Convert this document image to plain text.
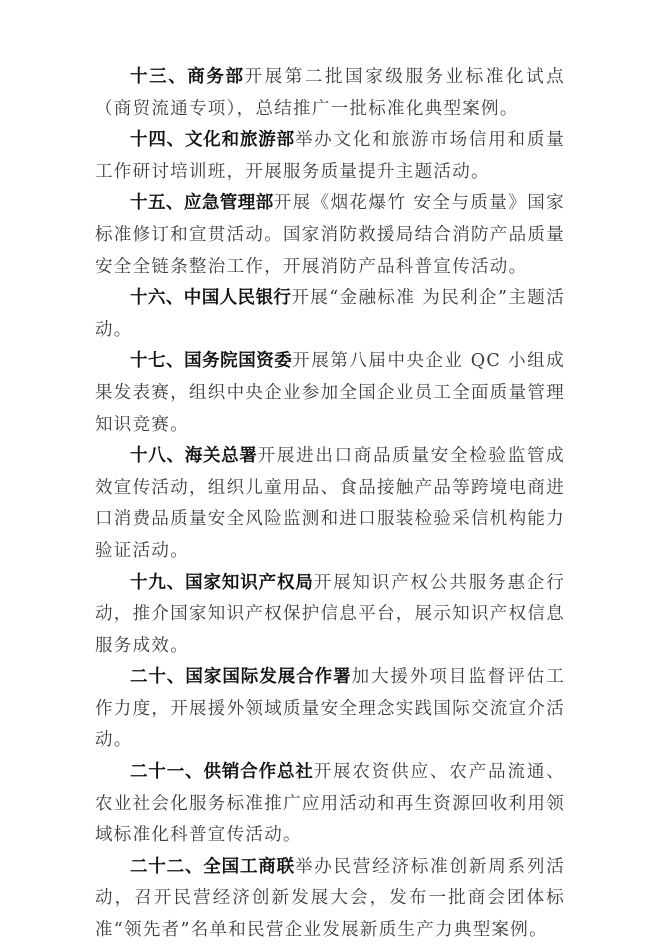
十三、商务部开展第二批国家级服务业标准化试点（商贸流通专项），总结推广一批标准化典型案例。

十四、文化和旅游部举办文化和旅游市场信用和质量工作研讨培训班，开展服务质量提升主题活动。

十五、应急管理部开展《烟花爆竹 安全与质量》国家标准修订和宣贯活动。国家消防救援局结合消防产品质量安全全链条整治工作，开展消防产品科普宣传活动。

十六、中国人民银行开展“金融标准 为民利企”主题活动。

十七、国务院国资委开展第八届中央企业 QC 小组成果发表赛，组织中央企业参加全国企业员工全面质量管理知识竞赛。

十八、海关总署开展进出口商品质量安全检验监管成效宣传活动，组织儿童用品、食品接触产品等跨境电商进口消费品质量安全风险监测和进口服装检验采信机构能力验证活动。

十九、国家知识产权局开展知识产权公共服务惠企行动，推介国家知识产权保护信息平台，展示知识产权信息服务成效。

二十、国家国际发展合作署加大援外项目监督评估工作力度，开展援外领域质量安全理念实践国际交流宣介活动。

二十一、供销合作总社开展农资供应、农产品流通、农业社会化服务标准推广应用活动和再生资源回收利用领域标准化科普宣传活动。

二十二、全国工商联举办民营经济标准创新周系列活动，召开民营经济创新发展大会，发布一批商会团体标准“领先者”名单和民营企业发展新质生产力典型案例。
